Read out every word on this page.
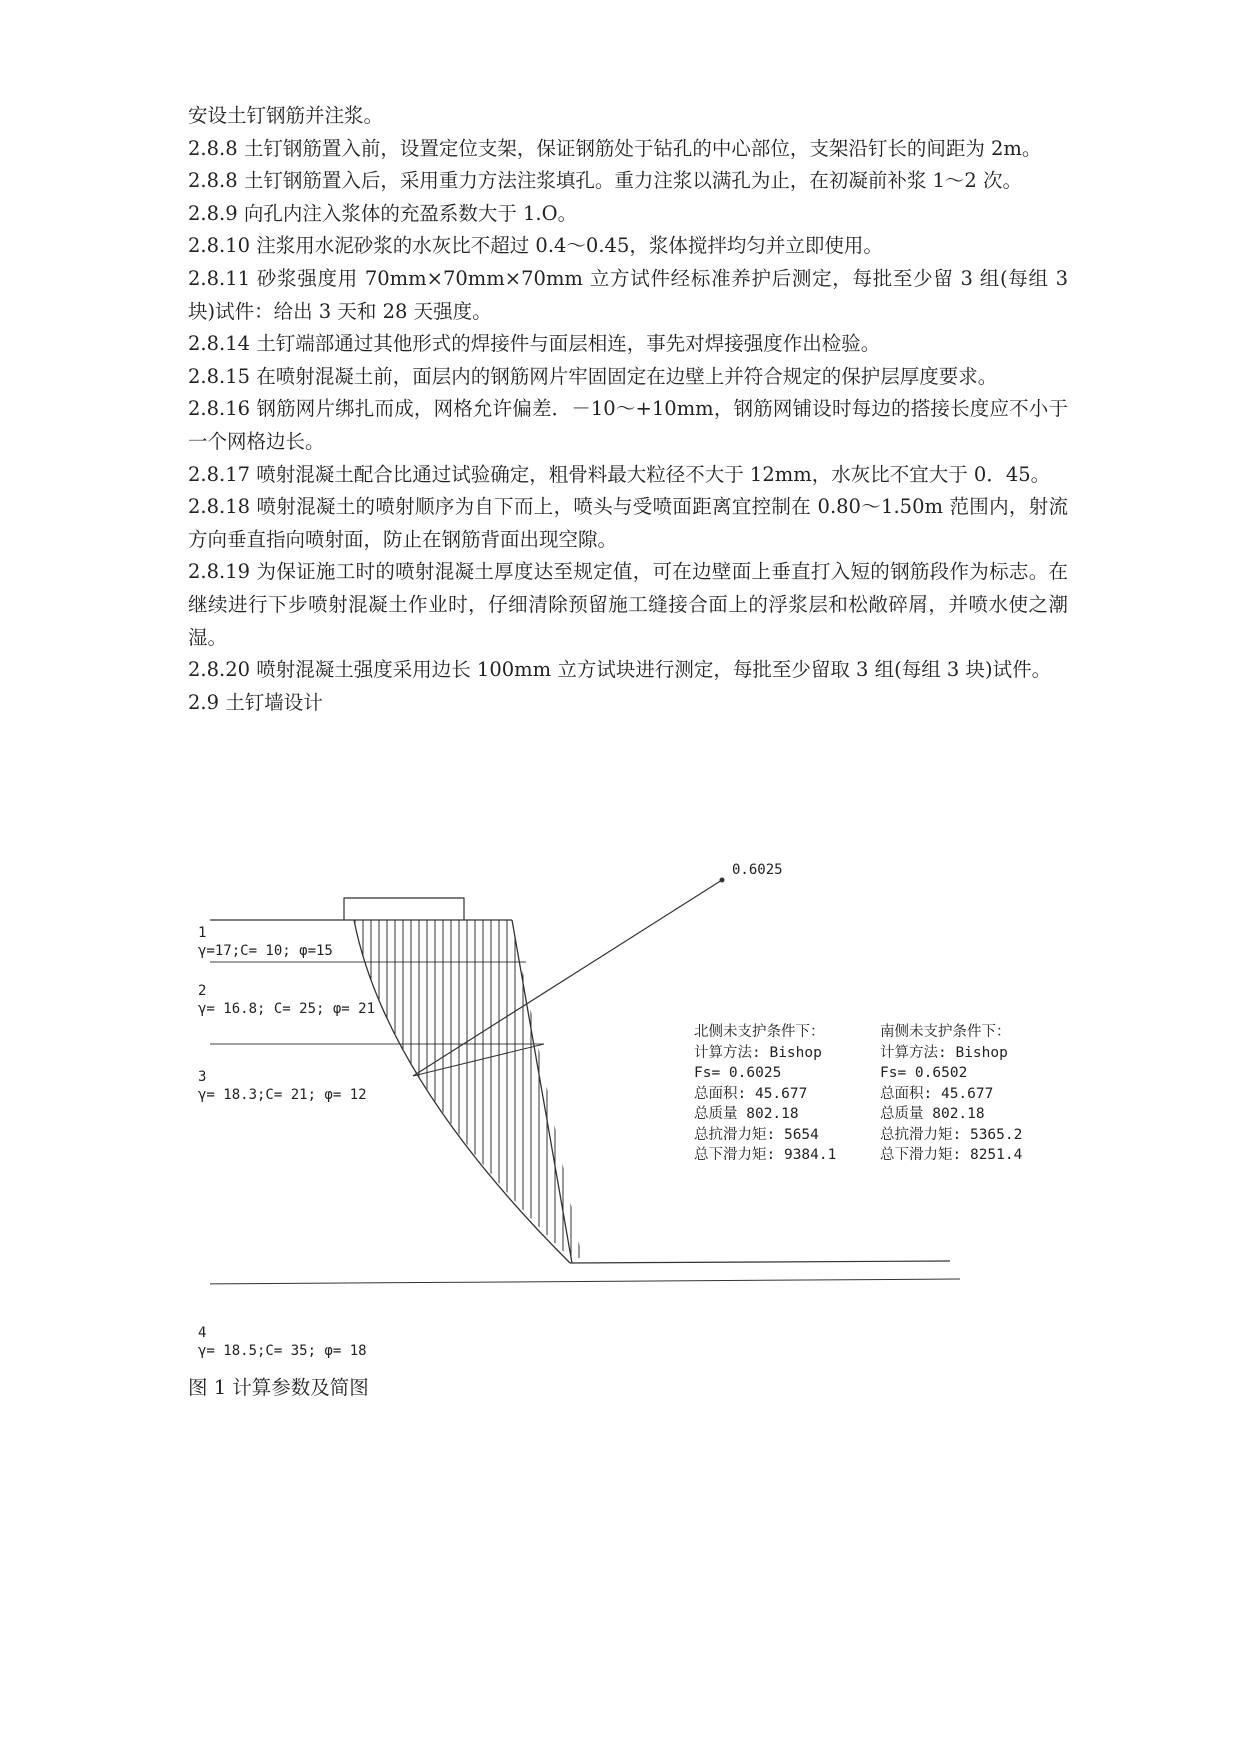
安设土钉钢筋并注浆。

2.8.8 土钉钢筋置入前，设置定位支架，保证钢筋处于钻孔的中心部位，支架沿钉长的间距为 2m。

2.8.8 土钉钢筋置入后，采用重力方法注浆填孔。重力注浆以满孔为止，在初凝前补浆 1～2 次。

2.8.9 向孔内注入浆体的充盈系数大于 1.O。

2.8.10 注浆用水泥砂浆的水灰比不超过 0.4～0.45，浆体搅拌均匀并立即使用。

2.8.11 砂浆强度用 70mm×70mm×70mm 立方试件经标准养护后测定，每批至少留 3 组(每组 3 块)试件：给出 3 天和 28 天强度。

2.8.14 土钉端部通过其他形式的焊接件与面层相连，事先对焊接强度作出检验。

2.8.15 在喷射混凝土前，面层内的钢筋网片牢固固定在边壁上并符合规定的保护层厚度要求。

2.8.16 钢筋网片绑扎而成，网格允许偏差．－10～+10mm，钢筋网铺设时每边的搭接长度应不小于一个网格边长。

2.8.17 喷射混凝土配合比通过试验确定，粗骨料最大粒径不大于 12mm，水灰比不宜大于 0．45。

2.8.18 喷射混凝土的喷射顺序为自下而上，喷头与受喷面距离宜控制在 0.80～1.50m 范围内，射流方向垂直指向喷射面，防止在钢筋背面出现空隙。

2.8.19 为保证施工时的喷射混凝土厚度达至规定值，可在边壁面上垂直打入短的钢筋段作为标志。在继续进行下步喷射混凝土作业时，仔细清除预留施工缝接合面上的浮浆层和松敞碎屑，并喷水使之潮湿。

2.8.20 喷射混凝土强度采用边长 100mm 立方试块进行测定，每批至少留取 3 组(每组 3 块)试件。

2.9 土钉墙设计

0.6025
1
γ=17;C= 10; φ=15
2
γ= 16.8; C= 25; φ= 21
3
γ= 18.3;C= 21; φ= 12
4
γ= 18.5;C= 35; φ= 18
北侧未支护条件下：
计算方法: Bishop
Fs= 0.6025
总面积: 45.677
总质量 802.18
总抗滑力矩: 5654
总下滑力矩: 9384.1
南侧未支护条件下：
计算方法: Bishop
Fs= 0.6502
总面积: 45.677
总质量 802.18
总抗滑力矩: 5365.2
总下滑力矩: 8251.4
图 1 计算参数及简图
